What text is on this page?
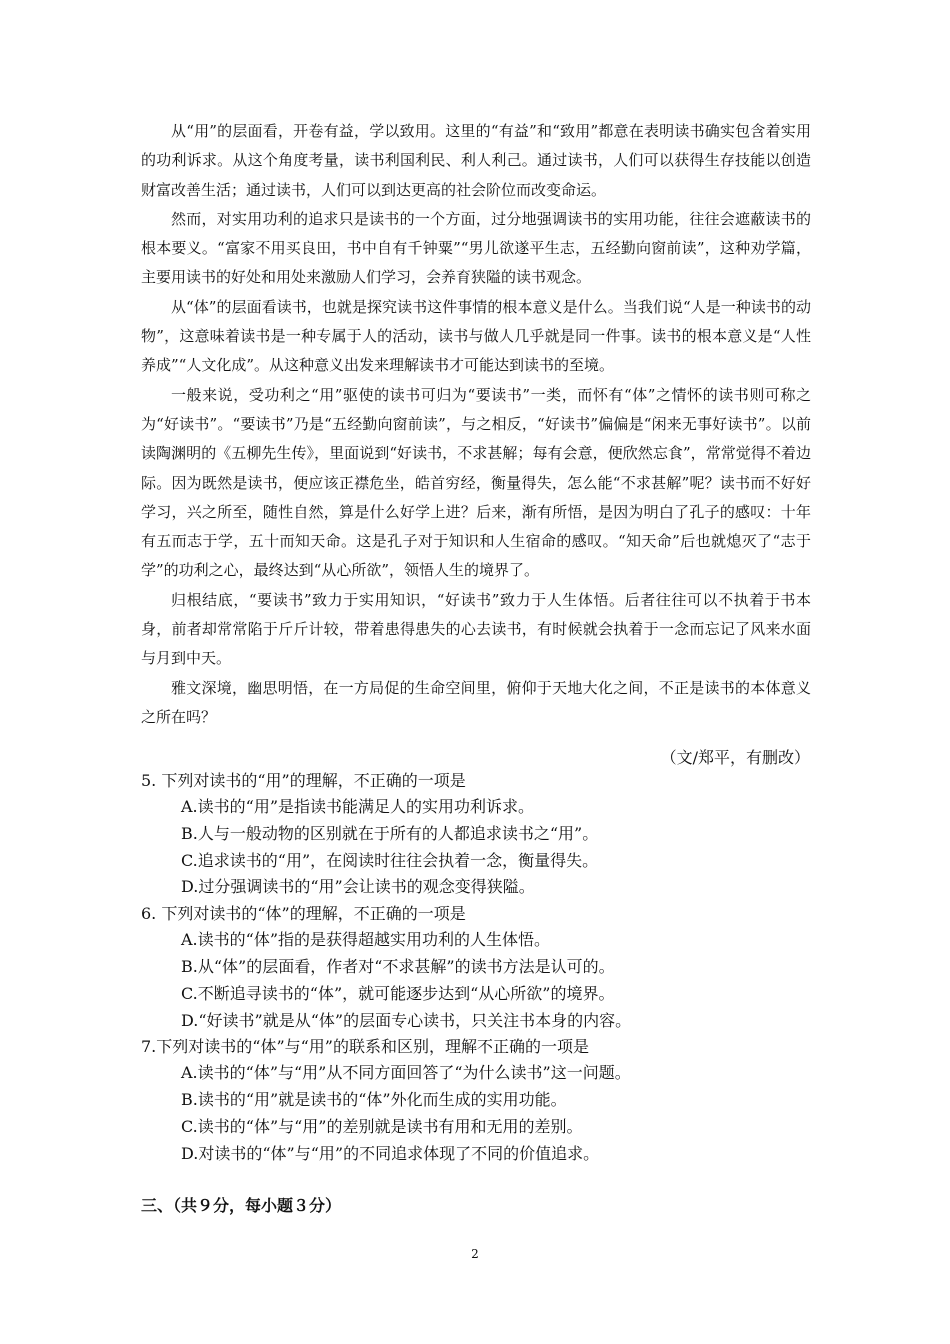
从“用”的层面看，开卷有益，学以致用。这里的“有益”和“致用”都意在表明读书确实包含着实用的功利诉求。从这个角度考量，读书利国利民、利人利己。通过读书，人们可以获得生存技能以创造财富改善生活；通过读书，人们可以到达更高的社会阶位而改变命运。

然而，对实用功利的追求只是读书的一个方面，过分地强调读书的实用功能，往往会遮蔽读书的根本要义。“富家不用买良田，书中自有千钟粟”“男儿欲遂平生志，五经勤向窗前读”，这种劝学篇，主要用读书的好处和用处来激励人们学习，会养育狭隘的读书观念。

从“体”的层面看读书，也就是探究读书这件事情的根本意义是什么。当我们说“人是一种读书的动物”，这意味着读书是一种专属于人的活动，读书与做人几乎就是同一件事。读书的根本意义是“人性养成”“人文化成”。从这种意义出发来理解读书才可能达到读书的至境。

一般来说，受功利之“用”驱使的读书可归为“要读书”一类，而怀有“体”之情怀的读书则可称之为“好读书”。“要读书”乃是“五经勤向窗前读”，与之相反，“好读书”偏偏是“闲来无事好读书”。以前读陶渊明的《五柳先生传》，里面说到“好读书，不求甚解；每有会意，便欣然忘食”，常常觉得不着边际。因为既然是读书，便应该正襟危坐，皓首穷经，衡量得失，怎么能“不求甚解”呢？读书而不好好学习，兴之所至，随性自然，算是什么好学上进？后来，渐有所悟，是因为明白了孔子的感叹：十年有五而志于学，五十而知天命。这是孔子对于知识和人生宿命的感叹。“知天命”后也就熄灭了“志于学”的功利之心，最终达到“从心所欲”，领悟人生的境界了。

归根结底，“要读书”致力于实用知识，“好读书”致力于人生体悟。后者往往可以不执着于书本身，前者却常常陷于斤斤计较，带着患得患失的心去读书，有时候就会执着于一念而忘记了风来水面与月到中天。

雅文深境，幽思明悟，在一方局促的生命空间里，俯仰于天地大化之间，不正是读书的本体意义之所在吗？

（文/郑平，有删改）

5. 下列对读书的“用”的理解，不正确的一项是

A.读书的“用”是指读书能满足人的实用功利诉求。
B.人与一般动物的区别就在于所有的人都追求读书之“用”。
C.追求读书的“用”，在阅读时往往会执着一念，衡量得失。
D.过分强调读书的“用”会让读书的观念变得狭隘。

6. 下列对读书的“体”的理解，不正确的一项是

A.读书的“体”指的是获得超越实用功利的人生体悟。
B.从“体”的层面看，作者对“不求甚解”的读书方法是认可的。
C.不断追寻读书的“体”，就可能逐步达到“从心所欲”的境界。
D.“好读书”就是从“体”的层面专心读书，只关注书本身的内容。

7.下列对读书的“体”与“用”的联系和区别，理解不正确的一项是

A.读书的“体”与“用”从不同方面回答了“为什么读书”这一问题。
B.读书的“用”就是读书的“体”外化而生成的实用功能。
C.读书的“体”与“用”的差别就是读书有用和无用的差别。
D.对读书的“体”与“用”的不同追求体现了不同的价值追求。
三、（共９分，每小题３分）
2
